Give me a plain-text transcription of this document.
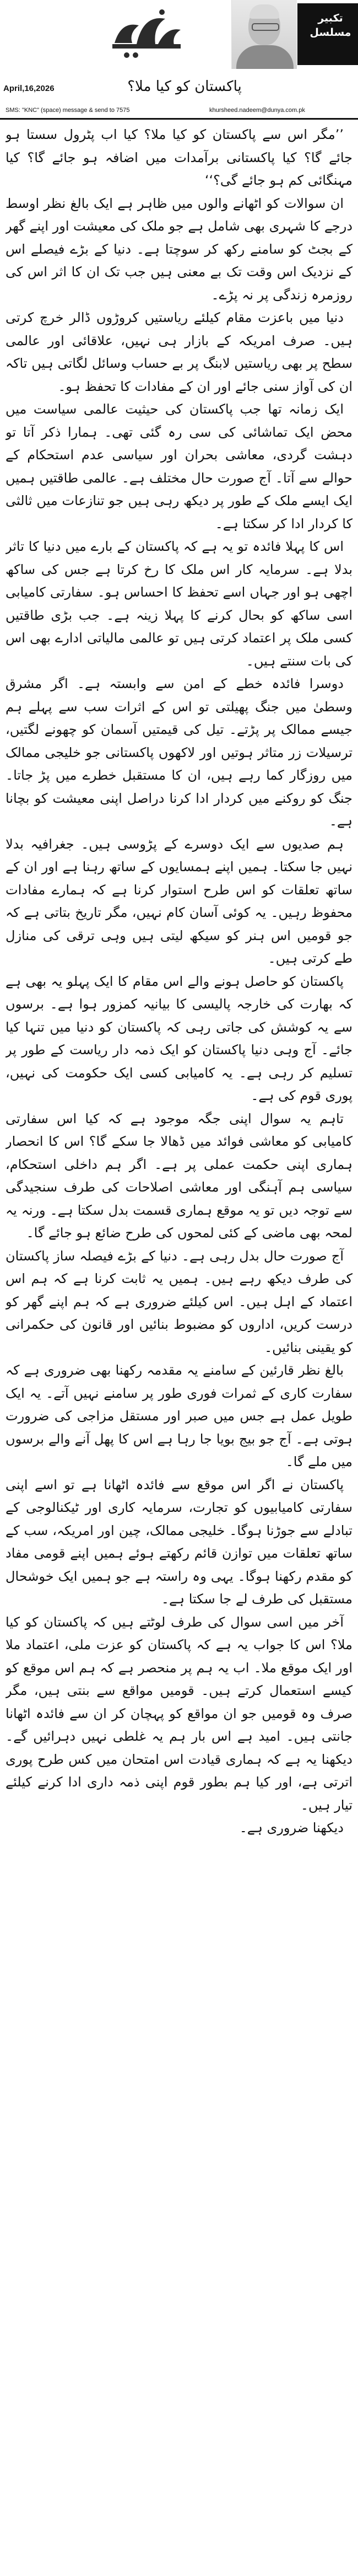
تکبیر
مسلسل
April,16,2026	پاکستان کو کیا ملا؟
SMS: "KNC" (space) message & send to 7575	khursheed.nadeem@dunya.com.pk

’’مگر اس سے پاکستان کو کیا ملا؟ کیا اب پٹرول سستا ہو جائے گا؟ کیا پاکستانی برآمدات میں اضافہ ہو جائے گا؟ کیا مہنگائی کم ہو جائے گی؟‘‘

ان سوالات کو اٹھانے والوں میں ظاہر ہے ایک بالغ نظر اوسط درجے کا شہری بھی شامل ہے جو ملک کی معیشت اور اپنے گھر کے بجٹ کو سامنے رکھ کر سوچتا ہے۔ دنیا کے بڑے فیصلے اس کے نزدیک اس وقت تک بے معنی ہیں جب تک ان کا اثر اس کی روزمرہ زندگی پر نہ پڑے۔

دنیا میں باعزت مقام کیلئے ریاستیں کروڑوں ڈالر خرچ کرتی ہیں۔ صرف امریکہ کے بازار ہی نہیں، علاقائی اور عالمی سطح پر بھی ریاستیں لابنگ پر بے حساب وسائل لگاتی ہیں تاکہ ان کی آواز سنی جائے اور ان کے مفادات کا تحفظ ہو۔

ایک زمانہ تھا جب پاکستان کی حیثیت عالمی سیاست میں محض ایک تماشائی کی سی رہ گئی تھی۔ ہمارا ذکر آتا تو دہشت گردی، معاشی بحران اور سیاسی عدم استحکام کے حوالے سے آتا۔ آج صورت حال مختلف ہے۔ عالمی طاقتیں ہمیں ایک ایسے ملک کے طور پر دیکھ رہی ہیں جو تنازعات میں ثالثی کا کردار ادا کر سکتا ہے۔

اس کا پہلا فائدہ تو یہ ہے کہ پاکستان کے بارے میں دنیا کا تاثر بدلا ہے۔ سرمایہ کار اس ملک کا رخ کرتا ہے جس کی ساکھ اچھی ہو اور جہاں اسے تحفظ کا احساس ہو۔ سفارتی کامیابی اسی ساکھ کو بحال کرنے کا پہلا زینہ ہے۔ جب بڑی طاقتیں کسی ملک پر اعتماد کرتی ہیں تو عالمی مالیاتی ادارے بھی اس کی بات سنتے ہیں۔

دوسرا فائدہ خطے کے امن سے وابستہ ہے۔ اگر مشرق وسطیٰ میں جنگ پھیلتی تو اس کے اثرات سب سے پہلے ہم جیسے ممالک پر پڑتے۔ تیل کی قیمتیں آسمان کو چھونے لگتیں، ترسیلات زر متاثر ہوتیں اور لاکھوں پاکستانی جو خلیجی ممالک میں روزگار کما رہے ہیں، ان کا مستقبل خطرے میں پڑ جاتا۔ جنگ کو روکنے میں کردار ادا کرنا دراصل اپنی معیشت کو بچانا ہے۔

ہم صدیوں سے ایک دوسرے کے پڑوسی ہیں۔ جغرافیہ بدلا نہیں جا سکتا۔ ہمیں اپنے ہمسایوں کے ساتھ رہنا ہے اور ان کے ساتھ تعلقات کو اس طرح استوار کرنا ہے کہ ہمارے مفادات محفوظ رہیں۔ یہ کوئی آسان کام نہیں، مگر تاریخ بتاتی ہے کہ جو قومیں اس ہنر کو سیکھ لیتی ہیں وہی ترقی کی منازل طے کرتی ہیں۔

پاکستان کو حاصل ہونے والے اس مقام کا ایک پہلو یہ بھی ہے کہ بھارت کی خارجہ پالیسی کا بیانیہ کمزور ہوا ہے۔ برسوں سے یہ کوشش کی جاتی رہی کہ پاکستان کو دنیا میں تنہا کیا جائے۔ آج وہی دنیا پاکستان کو ایک ذمہ دار ریاست کے طور پر تسلیم کر رہی ہے۔ یہ کامیابی کسی ایک حکومت کی نہیں، پوری قوم کی ہے۔

تاہم یہ سوال اپنی جگہ موجود ہے کہ کیا اس سفارتی کامیابی کو معاشی فوائد میں ڈھالا جا سکے گا؟ اس کا انحصار ہماری اپنی حکمت عملی پر ہے۔ اگر ہم داخلی استحکام، سیاسی ہم آہنگی اور معاشی اصلاحات کی طرف سنجیدگی سے توجہ دیں تو یہ موقع ہماری قسمت بدل سکتا ہے۔ ورنہ یہ لمحہ بھی ماضی کے کئی لمحوں کی طرح ضائع ہو جائے گا۔

آج صورت حال بدل رہی ہے۔ دنیا کے بڑے فیصلہ ساز پاکستان کی طرف دیکھ رہے ہیں۔ ہمیں یہ ثابت کرنا ہے کہ ہم اس اعتماد کے اہل ہیں۔ اس کیلئے ضروری ہے کہ ہم اپنے گھر کو درست کریں، اداروں کو مضبوط بنائیں اور قانون کی حکمرانی کو یقینی بنائیں۔

بالغ نظر قارئین کے سامنے یہ مقدمہ رکھنا بھی ضروری ہے کہ سفارت کاری کے ثمرات فوری طور پر سامنے نہیں آتے۔ یہ ایک طویل عمل ہے جس میں صبر اور مستقل مزاجی کی ضرورت ہوتی ہے۔ آج جو بیج بویا جا رہا ہے اس کا پھل آنے والے برسوں میں ملے گا۔

پاکستان نے اگر اس موقع سے فائدہ اٹھانا ہے تو اسے اپنی سفارتی کامیابیوں کو تجارت، سرمایہ کاری اور ٹیکنالوجی کے تبادلے سے جوڑنا ہوگا۔ خلیجی ممالک، چین اور امریکہ، سب کے ساتھ تعلقات میں توازن قائم رکھتے ہوئے ہمیں اپنے قومی مفاد کو مقدم رکھنا ہوگا۔ یہی وہ راستہ ہے جو ہمیں ایک خوشحال مستقبل کی طرف لے جا سکتا ہے۔

آخر میں اسی سوال کی طرف لوٹتے ہیں کہ پاکستان کو کیا ملا؟ اس کا جواب یہ ہے کہ پاکستان کو عزت ملی، اعتماد ملا اور ایک موقع ملا۔ اب یہ ہم پر منحصر ہے کہ ہم اس موقع کو کیسے استعمال کرتے ہیں۔ قومیں مواقع سے بنتی ہیں، مگر صرف وہ قومیں جو ان مواقع کو پہچان کر ان سے فائدہ اٹھانا جانتی ہیں۔ امید ہے اس بار ہم یہ غلطی نہیں دہرائیں گے۔ دیکھنا یہ ہے کہ ہماری قیادت اس امتحان میں کس طرح پوری اترتی ہے، اور کیا ہم بطور قوم اپنی ذمہ داری ادا کرنے کیلئے تیار ہیں۔

دیکھنا ضروری ہے۔
